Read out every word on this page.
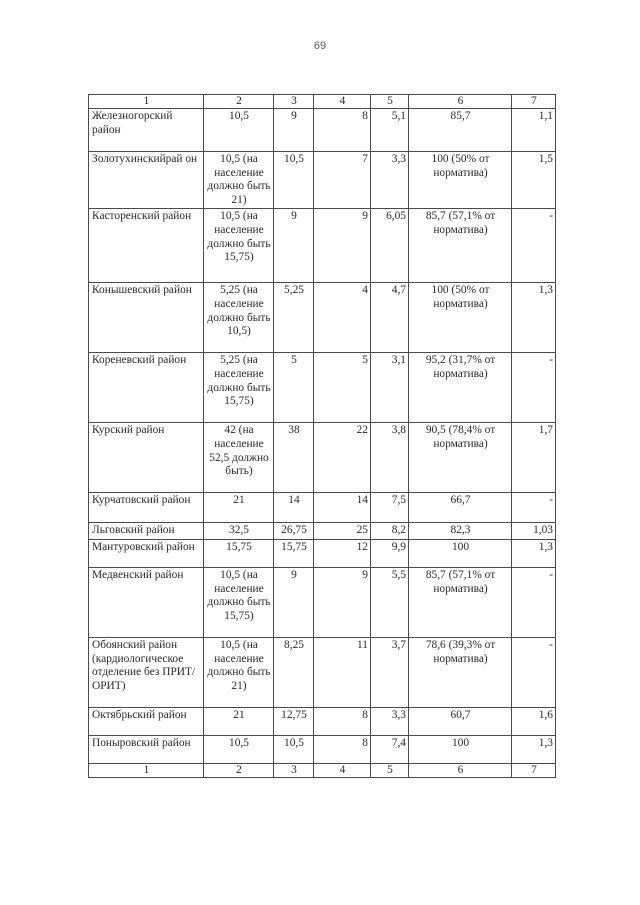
69
1	2	3	4	5	6	7
Железногорский район	10,5	9	8	5,1	85,7	1,1
Золотухинскийрай он	10,5 (на население должно быть 21)	10,5	7	3,3	100 (50% от норматива)	1,5
Касторенский район	10,5 (на население должно быть 15,75)	9	9	6,05	85,7 (57,1% от норматива)	-
Конышевский район	5,25 (на население должно быть 10,5)	5,25	4	4,7	100 (50% от норматива)	1,3
Кореневский район	5,25 (на население должно быть 15,75)	5	5	3,1	95,2 (31,7% от норматива)	-
Курский район	42 (на население 52,5 должно быть)	38	22	3,8	90,5 (78,4% от норматива)	1,7
Курчатовский район	21	14	14	7,5	66,7	-
Льговский район	32,5	26,75	25	8,2	82,3	1,03
Мантуровский район	15,75	15,75	12	9,9	100	1,3
Медвенский район	10,5 (на население должно быть 15,75)	9	9	5,5	85,7 (57,1% от норматива)	-
Обоянский район (кардиологическое отделение без ПРИТ/ОРИТ)	10,5 (на население должно быть 21)	8,25	11	3,7	78,6 (39,3% от норматива)	-
Октябрьский район	21	12,75	8	3,3	60,7	1,6
Поныровский район	10,5	10,5	8	7,4	100	1,3
1	2	3	4	5	6	7
